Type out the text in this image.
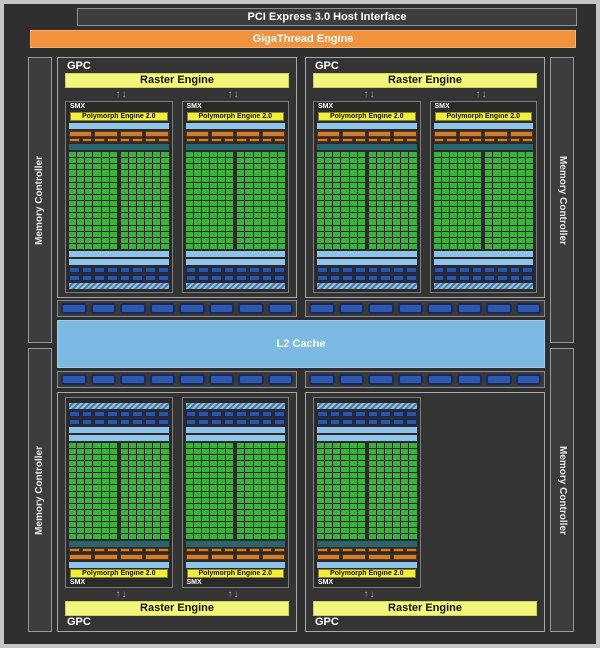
PCI Express 3.0 Host Interface
GigaThread Engine
Memory Controller
Memory Controller
Memory Controller
Memory Controller
L2 Cache
GPC
Raster Engine
↑ ↓	↑ ↓
SMX
Polymorph Engine 2.0
SMX
Polymorph Engine 2.0
GPC
Raster Engine
↑ ↓	↑ ↓
SMX
Polymorph Engine 2.0
SMX
Polymorph Engine 2.0
GPC
Raster Engine
↑ ↓	↑ ↓
SMX
Polymorph Engine 2.0
SMX
Polymorph Engine 2.0
GPC
Raster Engine
↑ ↓
SMX
Polymorph Engine 2.0
